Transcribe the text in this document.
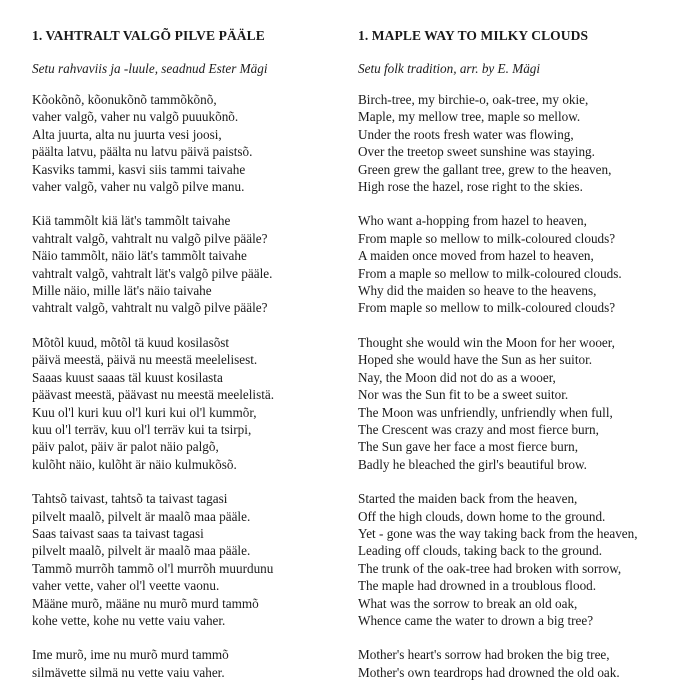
1. VAHTRALT VALGÕ PILVE PÄÄLE
Setu rahvaviis ja -luule, seadnud Ester Mägi
Kõokõnõ, kõonukõnõ tammõkõnõ,
vaher valgõ, vaher nu valgõ puuukõnõ.
Alta juurta, alta nu juurta vesi joosi,
päälta latvu, päälta nu latvu päivä paistsõ.
Kasviks tammi, kasvi siis tammi taivahe
vaher valgõ, vaher nu valgõ pilve manu.
Kiä tammõlt kiä lät's tammõlt taivahe
vahtralt valgõ, vahtralt nu valgõ pilve pääle?
Näio tammõlt, näio lät's tammõlt taivahe
vahtralt valgõ, vahtralt lät's valgõ pilve pääle.
Mille näio, mille lät's näio taivahe
vahtralt valgõ, vahtralt nu valgõ pilve pääle?
Mõtõl kuud, mõtõl tä kuud kosilasõst
päivä meestä, päivä nu meestä meelelisest.
Saaas kuust saaas täl kuust kosilasta
päävast meestä, päävast nu meestä meelelistä.
Kuu ol'l kuri kuu ol'l kuri kui ol'l kummõr,
kuu ol'l terräv, kuu ol'l terräv kui ta tsirpi,
päiv palot, päiv är palot näio palgõ,
kulõht näio, kulõht är näio kulmukõsõ.
Tahtsõ taivast, tahtsõ ta taivast tagasi
pilvelt maalõ, pilvelt är maalõ maa pääle.
Saas taivast saas ta taivast tagasi
pilvelt maalõ, pilvelt är maalõ maa pääle.
Tammõ murrõh tammõ ol'l murrõh muurdunu
vaher vette, vaher ol'l veette vaonu.
Määne murõ, määne nu murõ murd tammõ
kohe vette, kohe nu vette vaiu vaher.
Ime murõ, ime nu murõ murd tammõ
silmävette silmä nu vette vaiu vaher.
1. MAPLE WAY TO MILKY CLOUDS
Setu folk tradition, arr. by E. Mägi
Birch-tree, my birchie-o, oak-tree, my okie,
Maple, my mellow tree, maple so mellow.
Under the roots fresh water was flowing,
Over the treetop sweet sunshine was staying.
Green grew the gallant tree, grew to the heaven,
High rose the hazel, rose right to the skies.
Who want a-hopping from hazel to heaven,
From maple so mellow to milk-coloured clouds?
A maiden once moved from hazel to heaven,
From a maple so mellow to milk-coloured clouds.
Why did the maiden so heave to the heavens,
From maple so mellow to milk-coloured clouds?
Thought she would win the Moon for her wooer,
Hoped she would have the Sun as her suitor.
Nay, the Moon did not do as a wooer,
Nor was the Sun fit to be a sweet suitor.
The Moon was unfriendly, unfriendly when full,
The Crescent was crazy and most fierce burn,
The Sun gave her face a most fierce burn,
Badly he bleached the girl's beautiful brow.
Started the maiden back from the heaven,
Off the high clouds, down home to the ground.
Yet - gone was the way taking back from the heaven,
Leading off clouds, taking back to the ground.
The trunk of the oak-tree had broken with sorrow,
The maple had drowned in a troublous flood.
What was the sorrow to break an old oak,
Whence came the water to drown a big tree?
Mother's heart's sorrow had broken the big tree,
Mother's own teardrops had drowned the old oak.
